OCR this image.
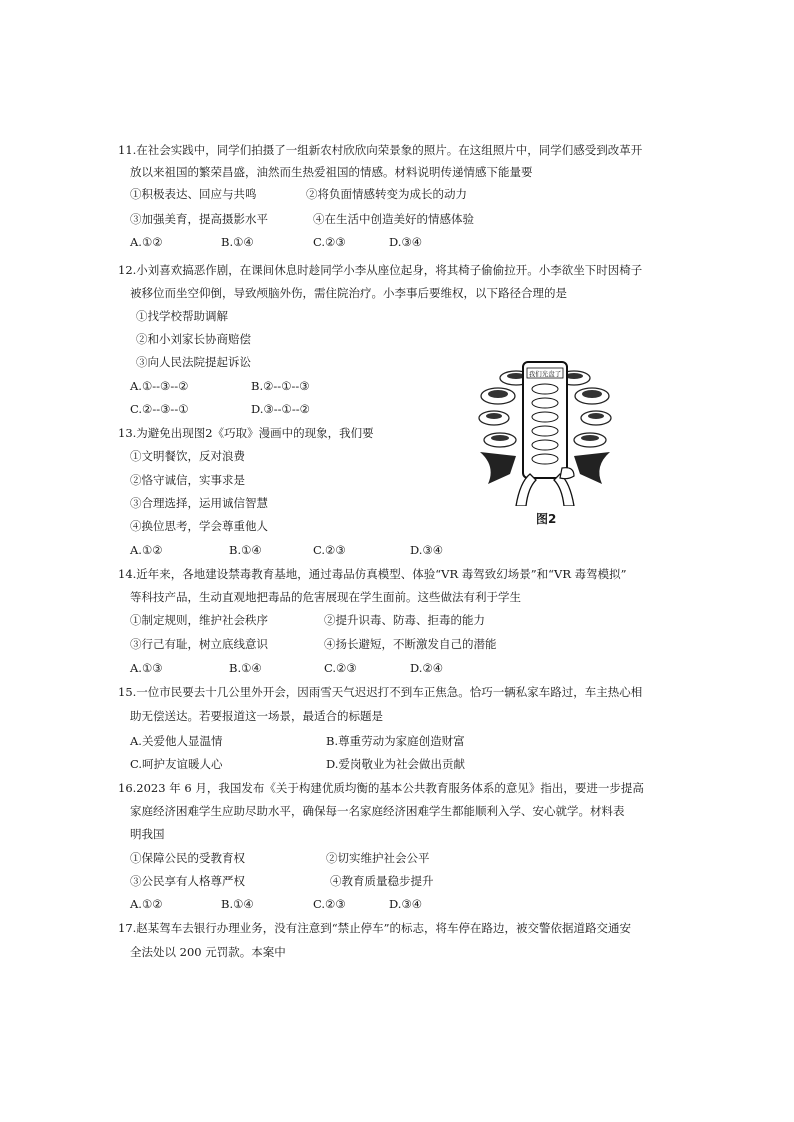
11.在社会实践中，同学们拍摄了一组新农村欣欣向荣景象的照片。在这组照片中，同学们感受到改革开
放以来祖国的繁荣昌盛，油然而生热爱祖国的情感。材料说明传递情感下能量要
①积极表达、回应与共鸣	②将负面情感转变为成长的动力
③加强美育，提高摄影水平	④在生活中创造美好的情感体验
A.①②	B.①④	C.②③	D.③④
12.小刘喜欢搞恶作剧，在课间休息时趁同学小李从座位起身，将其椅子偷偷拉开。小李欲坐下时因椅子
被移位而坐空仰倒，导致颅脑外伤，需住院治疗。小李事后要维权，以下路径合理的是
①找学校帮助调解
②和小刘家长协商赔偿
③向人民法院提起诉讼
A.①--③--②	B.②--①--③
C.②--③--①	D.③--①--②
13.为避免出现图2《巧取》漫画中的现象，我们要
①文明餐饮，反对浪费
②恪守诚信，实事求是
③合理选择，运用诚信智慧
④换位思考，学会尊重他人
A.①②	B.①④	C.②③	D.③④
我们光盘了
图2
14.近年来，各地建设禁毒教育基地，通过毒品仿真模型、体验“VR 毒驾致幻场景”和“VR 毒驾模拟”
等科技产品，生动直观地把毒品的危害展现在学生面前。这些做法有利于学生
①制定规则，维护社会秩序	②提升识毒、防毒、拒毒的能力
③行己有耻，树立底线意识	④扬长避短，不断激发自己的潜能
A.①③	B.①④	C.②③	D.②④
15.一位市民要去十几公里外开会，因雨雪天气迟迟打不到车正焦急。恰巧一辆私家车路过，车主热心相
助无偿送达。若要报道这一场景，最适合的标题是
A.关爱他人显温情	B.尊重劳动为家庭创造财富
C.呵护友谊暖人心	D.爱岗敬业为社会做出贡献
16.2023 年 6 月，我国发布《关于构建优质均衡的基本公共教育服务体系的意见》指出，要进一步提高
家庭经济困难学生应助尽助水平，确保每一名家庭经济困难学生都能顺利入学、安心就学。材料表
明我国
①保障公民的受教育权	②切实维护社会公平
③公民享有人格尊严权	④教育质量稳步提升
A.①②	B.①④	C.②③	D.③④
17.赵某驾车去银行办理业务，没有注意到“禁止停车”的标志，将车停在路边，被交警依据道路交通安
全法处以 200 元罚款。本案中
